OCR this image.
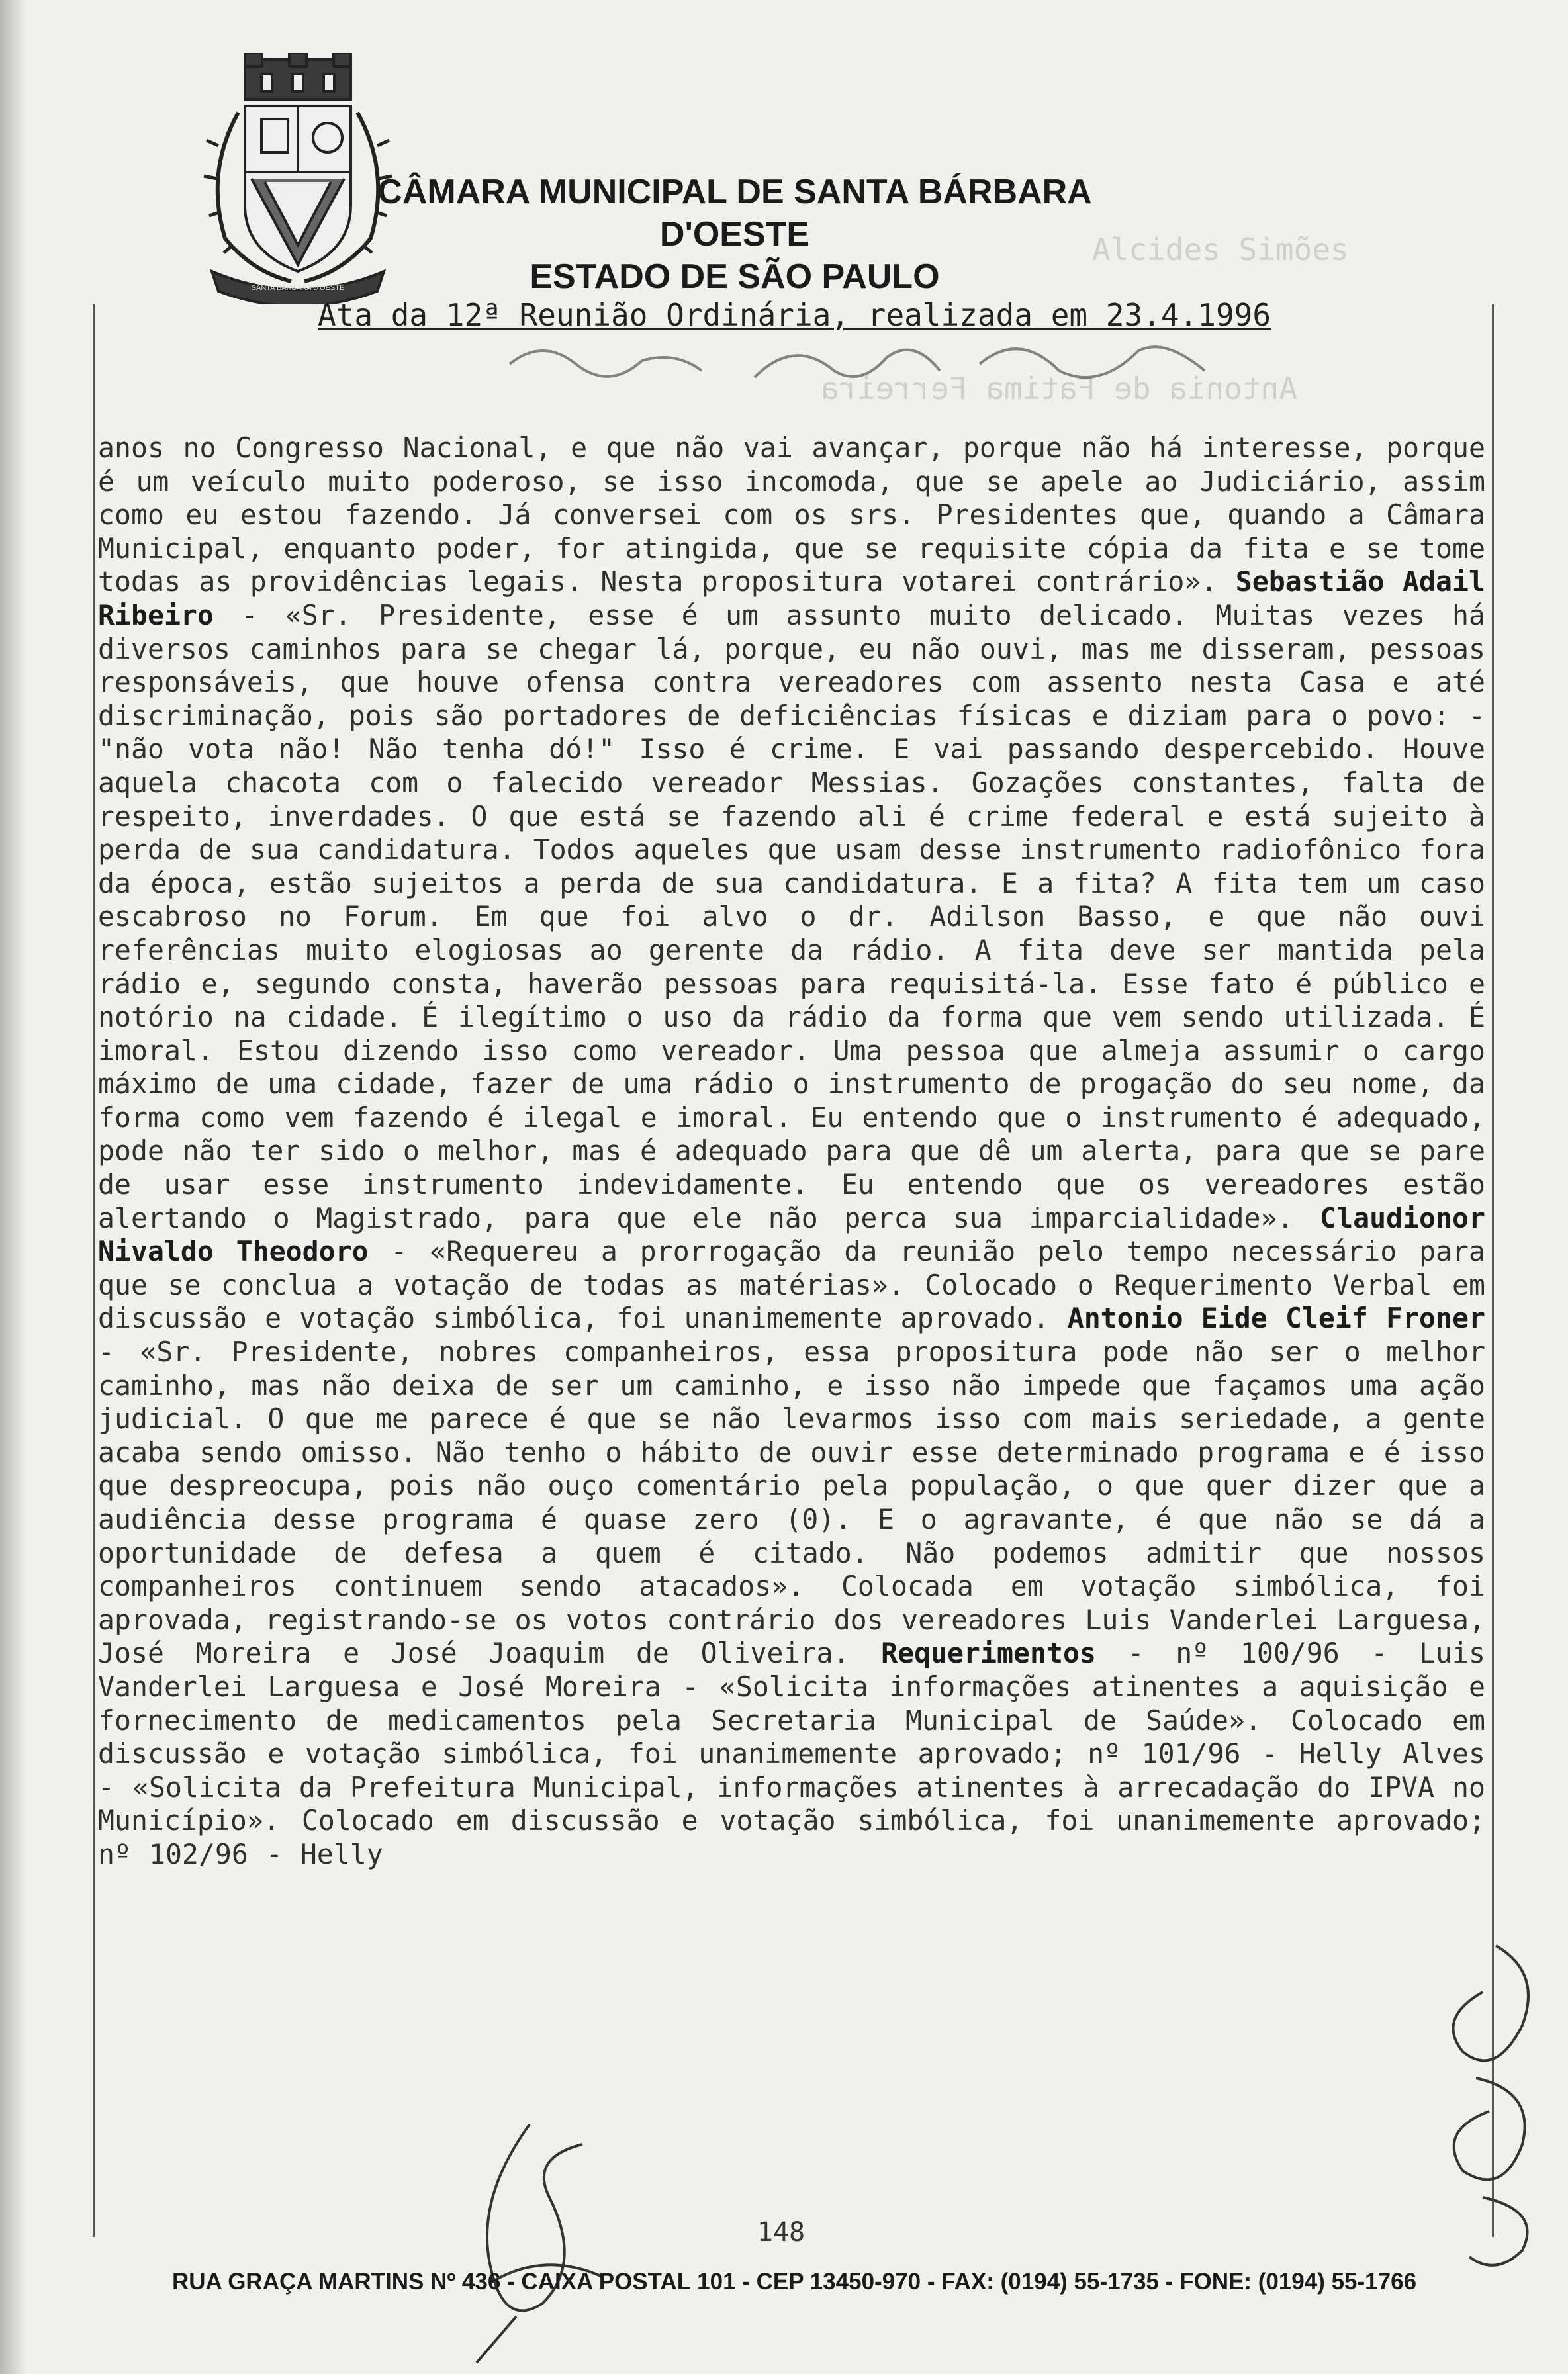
SANTA BÁRBARA D'OESTE
CÂMARA MUNICIPAL DE SANTA BÁRBARA D'OESTE
ESTADO DE SÃO PAULO
Alcides Simões
Antonia de Fatima Ferreira
Ata da 12ª Reunião Ordinária, realizada em 23.4.1996
anos no Congresso Nacional, e que não vai avançar, porque não há interesse, porque é um veículo muito poderoso, se isso incomoda, que se apele ao Judiciário, assim como eu estou fazendo. Já conversei com os srs. Presidentes que, quando a Câmara Municipal, enquanto poder, for atingida, que se requisite cópia da fita e se tome todas as providências legais. Nesta propositura votarei contrário». Sebastião Adail Ribeiro - «Sr. Presidente, esse é um assunto muito delicado. Muitas vezes há diversos caminhos para se chegar lá, porque, eu não ouvi, mas me disseram, pessoas responsáveis, que houve ofensa contra vereadores com assento nesta Casa e até discriminação, pois são portadores de deficiências físicas e diziam para o povo: - "não vota não! Não tenha dó!" Isso é crime. E vai passando despercebido. Houve aquela chacota com o falecido vereador Messias. Gozações constantes, falta de respeito, inverdades. O que está se fazendo ali é crime federal e está sujeito à perda de sua candidatura. Todos aqueles que usam desse instrumento radiofônico fora da época, estão sujeitos a perda de sua candidatura. E a fita? A fita tem um caso escabroso no Forum. Em que foi alvo o dr. Adilson Basso, e que não ouvi referências muito elogiosas ao gerente da rádio. A fita deve ser mantida pela rádio e, segundo consta, haverão pessoas para requisitá-la. Esse fato é público e notório na cidade. É ilegítimo o uso da rádio da forma que vem sendo utilizada. É imoral. Estou dizendo isso como vereador. Uma pessoa que almeja assumir o cargo máximo de uma cidade, fazer de uma rádio o instrumento de progação do seu nome, da forma como vem fazendo é ilegal e imoral. Eu entendo que o instrumento é adequado, pode não ter sido o melhor, mas é adequado para que dê um alerta, para que se pare de usar esse instrumento indevidamente. Eu entendo que os vereadores estão alertando o Magistrado, para que ele não perca sua imparcialidade». Claudionor Nivaldo Theodoro - «Requereu a prorrogação da reunião pelo tempo necessário para que se conclua a votação de todas as matérias». Colocado o Requerimento Verbal em discussão e votação simbólica, foi unanimemente aprovado. Antonio Eide Cleif Froner - «Sr. Presidente, nobres companheiros, essa propositura pode não ser o melhor caminho, mas não deixa de ser um caminho, e isso não impede que façamos uma ação judicial. O que me parece é que se não levarmos isso com mais seriedade, a gente acaba sendo omisso. Não tenho o hábito de ouvir esse determinado programa e é isso que despreocupa, pois não ouço comentário pela população, o que quer dizer que a audiência desse programa é quase zero (0). E o agravante, é que não se dá a oportunidade de defesa a quem é citado. Não podemos admitir que nossos companheiros continuem sendo atacados». Colocada em votação simbólica, foi aprovada, registrando-se os votos contrário dos vereadores Luis Vanderlei Larguesa, José Moreira e José Joaquim de Oliveira. Requerimentos - nº 100/96 - Luis Vanderlei Larguesa e José Moreira - «Solicita informações atinentes a aquisição e fornecimento de medicamentos pela Secretaria Municipal de Saúde». Colocado em discussão e votação simbólica, foi unanimemente aprovado; nº 101/96 - Helly Alves - «Solicita da Prefeitura Municipal, informações atinentes à arrecadação do IPVA no Município». Colocado em discussão e votação simbólica, foi unanimemente aprovado; nº 102/96 - Helly
148
RUA GRAÇA MARTINS Nº 436 - CAIXA POSTAL 101 - CEP 13450-970 - FAX: (0194) 55-1735 - FONE: (0194) 55-1766
